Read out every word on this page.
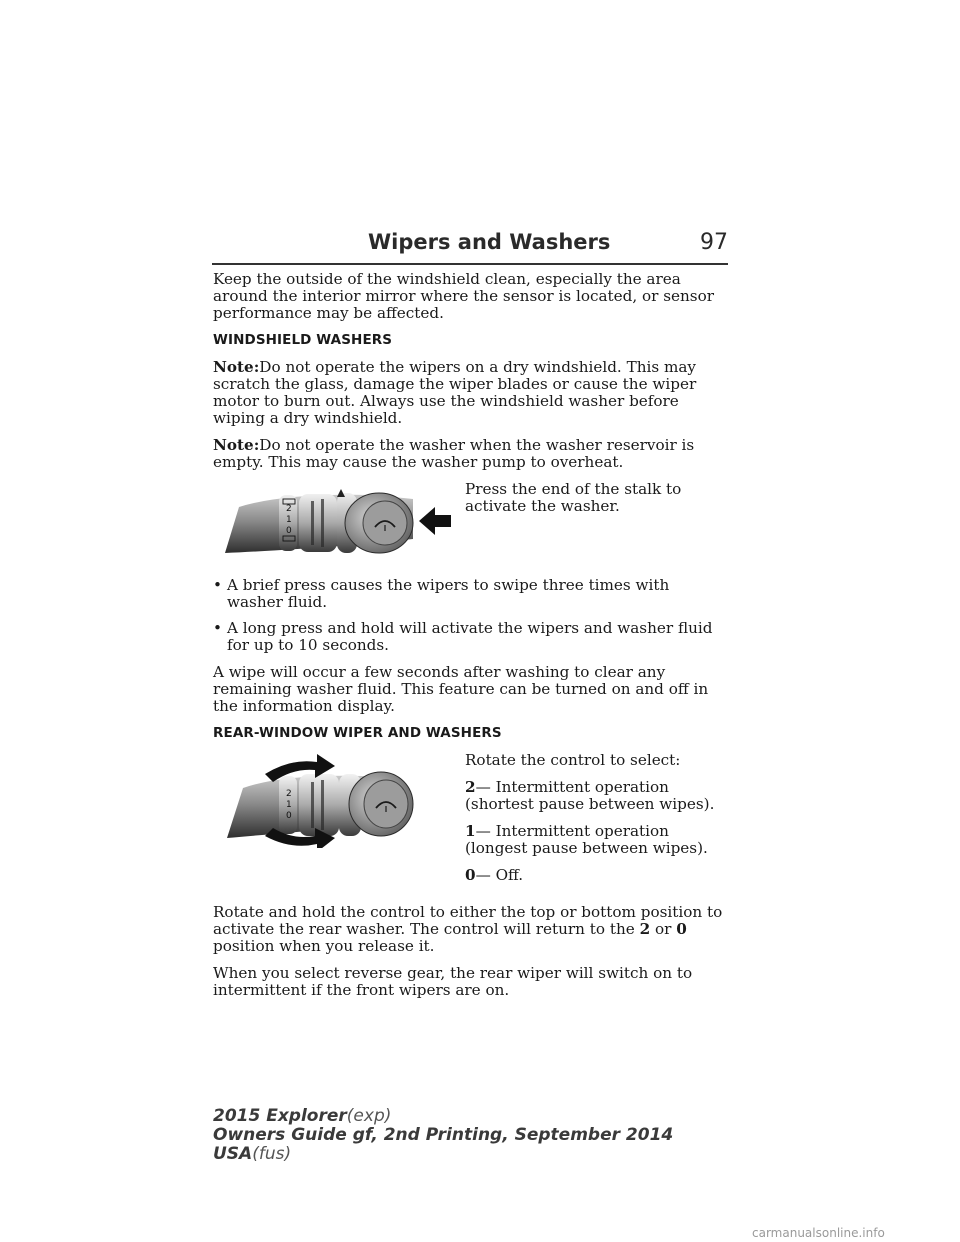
Wipers and Washers	97

Keep the outside of the windshield clean, especially the area around the interior mirror where the sensor is located, or sensor performance may be affected.

WINDSHIELD WASHERS

Note:Do not operate the wipers on a dry windshield. This may scratch the glass, damage the wiper blades or cause the wiper motor to burn out. Always use the windshield washer before wiping a dry windshield.

Note:Do not operate the washer when the washer reservoir is empty. This may cause the washer pump to overheat.

2
1
0

Press the end of the stalk to activate the washer.

• A brief press causes the wipers to swipe three times with washer fluid.
• A long press and hold will activate the wipers and washer fluid for up to 10 seconds.

A wipe will occur a few seconds after washing to clear any remaining washer fluid. This feature can be turned on and off in the information display.

REAR-WINDOW WIPER AND WASHERS
2
1
0

Rotate the control to select:

2— Intermittent operation (shortest pause between wipes).

1— Intermittent operation (longest pause between wipes).

0— Off.

Rotate and hold the control to either the top or bottom position to activate the rear washer. The control will return to the 2 or 0 position when you release it.

When you select reverse gear, the rear wiper will switch on to intermittent if the front wipers are on.

2015 Explorer(exp)
Owners Guide gf, 2nd Printing, September 2014
USA(fus)
carmanualsonline.info
